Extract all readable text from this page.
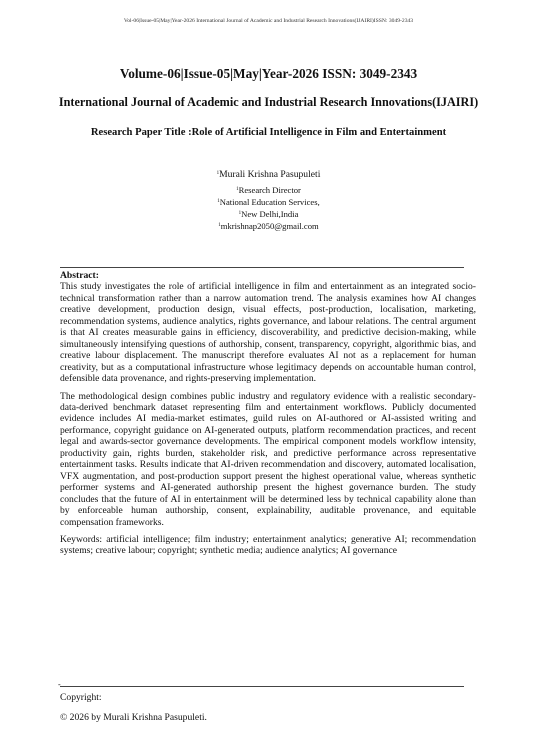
Vol-06|Issue-05|May|Year-2026 International Journal of Academic and Industrial Research Innovations(IJAIRI)ISSN: 3049-2343
Volume-06|Issue-05|May|Year-2026 ISSN: 3049-2343
International Journal of Academic and Industrial Research Innovations(IJAIRI)
Research Paper Title :Role of Artificial Intelligence in Film and Entertainment
$^1$Murali Krishna Pasupuleti
$^1$Research Director
$^1$National Education Services,
$^1$New Delhi,India
$^1$mkrishnap2050@gmail.com

Abstract:

This study investigates the role of artificial intelligence in film and entertainment as an integrated socio-technical transformation rather than a narrow automation trend. The analysis examines how AI changes creative development, production design, visual effects, post-production, localisation, marketing, recommendation systems, audience analytics, rights governance, and labour relations. The central argument is that AI creates measurable gains in efficiency, discoverability, and predictive decision-making, while simultaneously intensifying questions of authorship, consent, transparency, copyright, algorithmic bias, and creative labour displacement. The manuscript therefore evaluates AI not as a replacement for human creativity, but as a computational infrastructure whose legitimacy depends on accountable human control, defensible data provenance, and rights-preserving implementation.

The methodological design combines public industry and regulatory evidence with a realistic secondary-data-derived benchmark dataset representing film and entertainment workflows. Publicly documented evidence includes AI media-market estimates, guild rules on AI-authored or AI-assisted writing and performance, copyright guidance on AI-generated outputs, platform recommendation practices, and recent legal and awards-sector governance developments. The empirical component models workflow intensity, productivity gain, rights burden, stakeholder risk, and predictive performance across representative entertainment tasks. Results indicate that AI-driven recommendation and discovery, automated localisation, VFX augmentation, and post-production support present the highest operational value, whereas synthetic performer systems and AI-generated authorship present the highest governance burden. The study concludes that the future of AI in entertainment will be determined less by technical capability alone than by enforceable human authorship, consent, explainability, auditable provenance, and equitable compensation frameworks.

Keywords: artificial intelligence; film industry; entertainment analytics; generative AI; recommendation systems; creative labour; copyright; synthetic media; audience analytics; AI governance

-
Copyright:
© 2026 by Murali Krishna Pasupuleti.
